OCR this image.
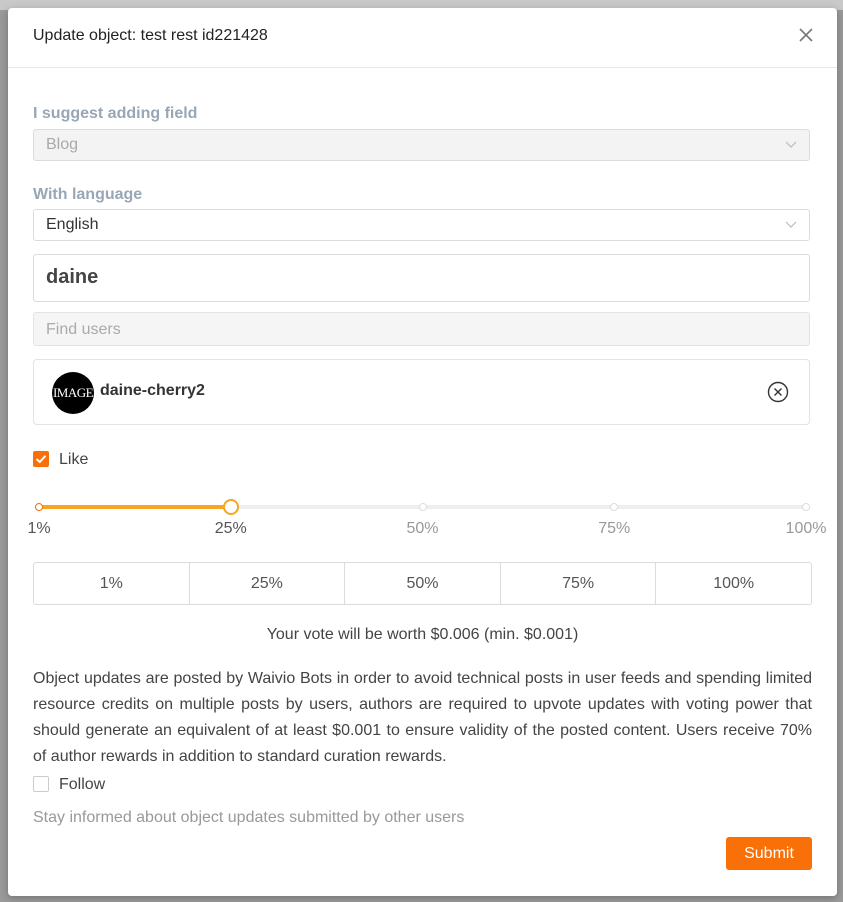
Update object: test rest id221428
I suggest adding field
Blog
With language
English
daine
Find users
IMAGE daine-cherry2
Like
1%	25%	50%	75%	100%
1%	25%	50%	75%	100%
Your vote will be worth $0.006 (min. $0.001)
Object updates are posted by Waivio Bots in order to avoid technical posts in user feeds and spending limited resource credits on multiple posts by users, authors are required to upvote updates with voting power that should generate an equivalent of at least $0.001 to ensure validity of the posted content. Users receive 70% of author rewards in addition to standard curation rewards.
Follow
Stay informed about object updates submitted by other users
Submit
